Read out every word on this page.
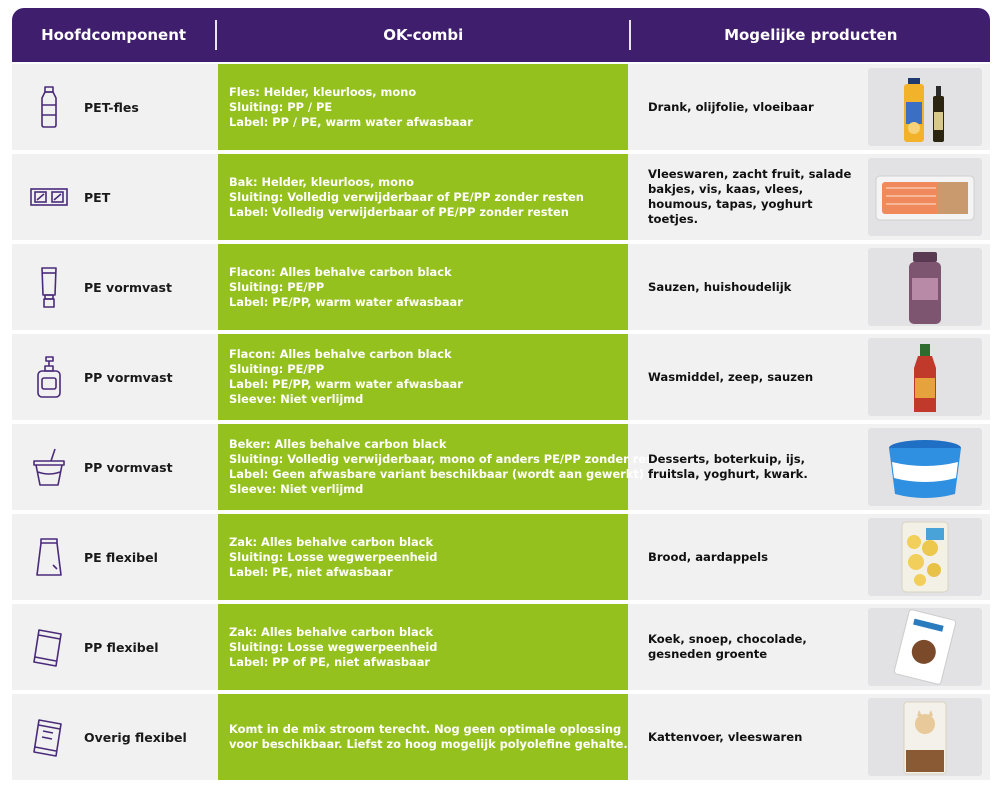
Hoofdcomponent	OK-combi	Mogelijke producten
PET-fles
Fles: Helder, kleurloos, mono
Sluiting: PP / PE
Label: PP / PE, warm water afwasbaar
Drank, olijfolie, vloeibaar
PET
Bak: Helder, kleurloos, mono
Sluiting: Volledig verwijderbaar of PE/PP zonder resten
Label: Volledig verwijderbaar of PE/PP zonder resten
Vleeswaren, zacht fruit, salade bakjes, vis, kaas, vlees, houmous, tapas, yoghurt toetjes.
PE vormvast
Flacon: Alles behalve carbon black
Sluiting: PE/PP
Label: PE/PP, warm water afwasbaar
Sauzen, huishoudelijk
PP vormvast
Flacon: Alles behalve carbon black
Sluiting: PE/PP
Label: PE/PP, warm water afwasbaar
Sleeve: Niet verlijmd
Wasmiddel, zeep, sauzen
PP vormvast
Beker: Alles behalve carbon black
Sluiting: Volledig verwijderbaar, mono of anders PE/PP zonder resten
Label: Geen afwasbare variant beschikbaar (wordt aan gewerkt)
Sleeve: Niet verlijmd
Desserts, boterkuip, ijs, fruitsla, yoghurt, kwark.
PE flexibel
Zak: Alles behalve carbon black
Sluiting: Losse wegwerpeenheid
Label: PE, niet afwasbaar
Brood, aardappels
PP flexibel
Zak: Alles behalve carbon black
Sluiting: Losse wegwerpeenheid
Label: PP of PE, niet afwasbaar
Koek, snoep, chocolade, gesneden groente
Overig flexibel
Komt in de mix stroom terecht. Nog geen optimale oplossing
voor beschikbaar. Liefst zo hoog mogelijk polyolefine gehalte.
Kattenvoer, vleeswaren
